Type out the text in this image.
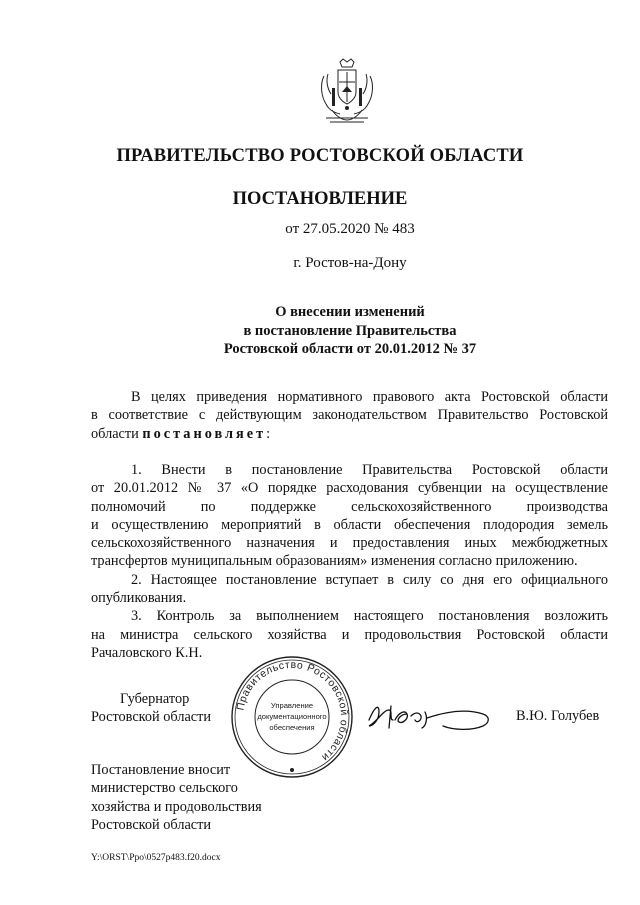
ПРАВИТЕЛЬСТВО РОСТОВСКОЙ ОБЛАСТИ
ПОСТАНОВЛЕНИЕ
от 27.05.2020 № 483
г. Ростов-на-Дону
О внесении изменений
в постановление Правительства
Ростовской области от 20.01.2012 № 37
В целях приведения нормативного правового акта Ростовской области
в соответствие с действующим законодательством Правительство Ростовской
области постановляет:
1. Внести в постановление Правительства Ростовской области
от 20.01.2012 № 37 «О порядке расходования субвенции на осуществление
полномочий по поддержке сельскохозяйственного производства
и осуществлению мероприятий в области обеспечения плодородия земель
сельскохозяйственного назначения и предоставления иных межбюджетных
трансфертов муниципальным образованиям» изменения согласно приложению.
2. Настоящее постановление вступает в силу со дня его официального
опубликования.
3. Контроль за выполнением настоящего постановления возложить
на министра сельского хозяйства и продовольствия Ростовской области
Рачаловского К.Н.
Правительство Ростовской области
Управление
документационного
обеспечения
Губернатор
Ростовской области	В.Ю. Голубев
Постановление вносит
министерство сельского
хозяйства и продовольствия
Ростовской области
Y:\ORST\Ppo\0527p483.f20.docx
